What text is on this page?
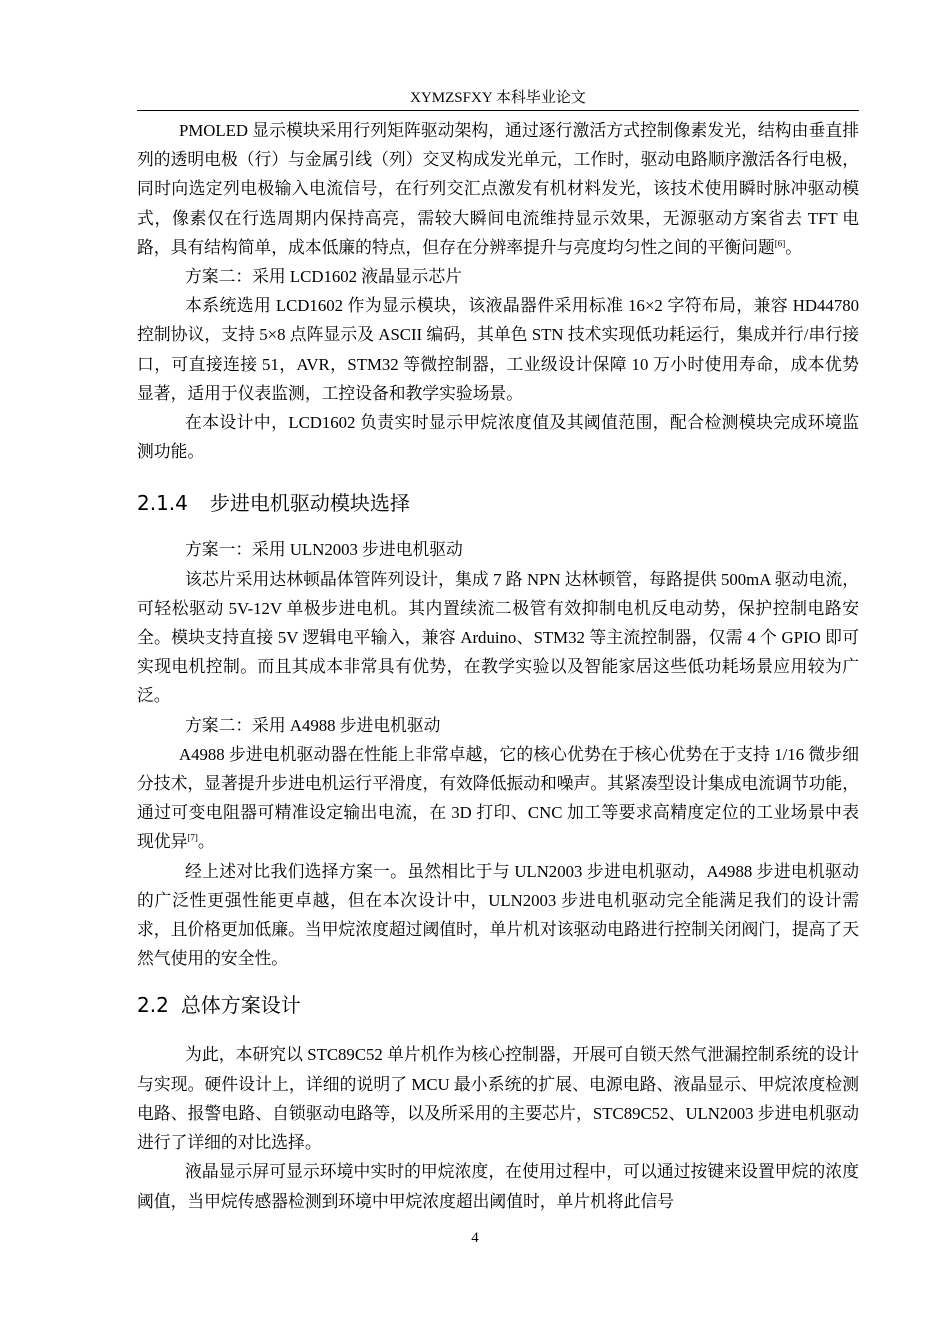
XYMZSFXY 本科毕业论文

PMOLED 显示模块采用行列矩阵驱动架构，通过逐行激活方式控制像素发光，结构由垂直排列的透明电极（行）与金属引线（列）交叉构成发光单元，工作时，驱动电路顺序激活各行电极，同时向选定列电极输入电流信号，在行列交汇点激发有机材料发光，该技术使用瞬时脉冲驱动模式，像素仅在行选周期内保持高亮，需较大瞬间电流维持显示效果，无源驱动方案省去 TFT 电路，具有结构简单，成本低廉的特点，但存在分辨率提升与亮度均匀性之间的平衡问题[6]。

方案二：采用 LCD1602 液晶显示芯片

本系统选用 LCD1602 作为显示模块，该液晶器件采用标准 16×2 字符布局，兼容 HD44780 控制协议，支持 5×8 点阵显示及 ASCII 编码，其单色 STN 技术实现低功耗运行，集成并行/串行接口，可直接连接 51，AVR，STM32 等微控制器，工业级设计保障 10 万小时使用寿命，成本优势显著，适用于仪表监测，工控设备和教学实验场景。

在本设计中，LCD1602 负责实时显示甲烷浓度值及其阈值范围，配合检测模块完成环境监测功能。

2.1.4 步进电机驱动模块选择

方案一：采用 ULN2003 步进电机驱动

该芯片采用达林顿晶体管阵列设计，集成 7 路 NPN 达林顿管，每路提供 500mA 驱动电流，可轻松驱动 5V-12V 单极步进电机。其内置续流二极管有效抑制电机反电动势，保护控制电路安全。模块支持直接 5V 逻辑电平输入，兼容 Arduino、STM32 等主流控制器，仅需 4 个 GPIO 即可实现电机控制。而且其成本非常具有优势，在教学实验以及智能家居这些低功耗场景应用较为广泛。

方案二：采用 A4988 步进电机驱动

A4988 步进电机驱动器在性能上非常卓越，它的核心优势在于核心优势在于支持 1/16 微步细分技术，显著提升步进电机运行平滑度，有效降低振动和噪声。其紧凑型设计集成电流调节功能，通过可变电阻器可精准设定输出电流，在 3D 打印、CNC 加工等要求高精度定位的工业场景中表现优异[7]。

经上述对比我们选择方案一。虽然相比于与 ULN2003 步进电机驱动，A4988 步进电机驱动的广泛性更强性能更卓越，但在本次设计中，ULN2003 步进电机驱动完全能满足我们的设计需求，且价格更加低廉。当甲烷浓度超过阈值时，单片机对该驱动电路进行控制关闭阀门，提高了天然气使用的安全性。

2.2 总体方案设计

为此，本研究以 STC89C52 单片机作为核心控制器，开展可自锁天然气泄漏控制系统的设计与实现。硬件设计上，详细的说明了 MCU 最小系统的扩展、电源电路、液晶显示、甲烷浓度检测电路、报警电路、自锁驱动电路等，以及所采用的主要芯片，STC89C52、ULN2003 步进电机驱动进行了详细的对比选择。

液晶显示屏可显示环境中实时的甲烷浓度，在使用过程中，可以通过按键来设置甲烷的浓度阈值，当甲烷传感器检测到环境中甲烷浓度超出阈值时，单片机将此信号

4
